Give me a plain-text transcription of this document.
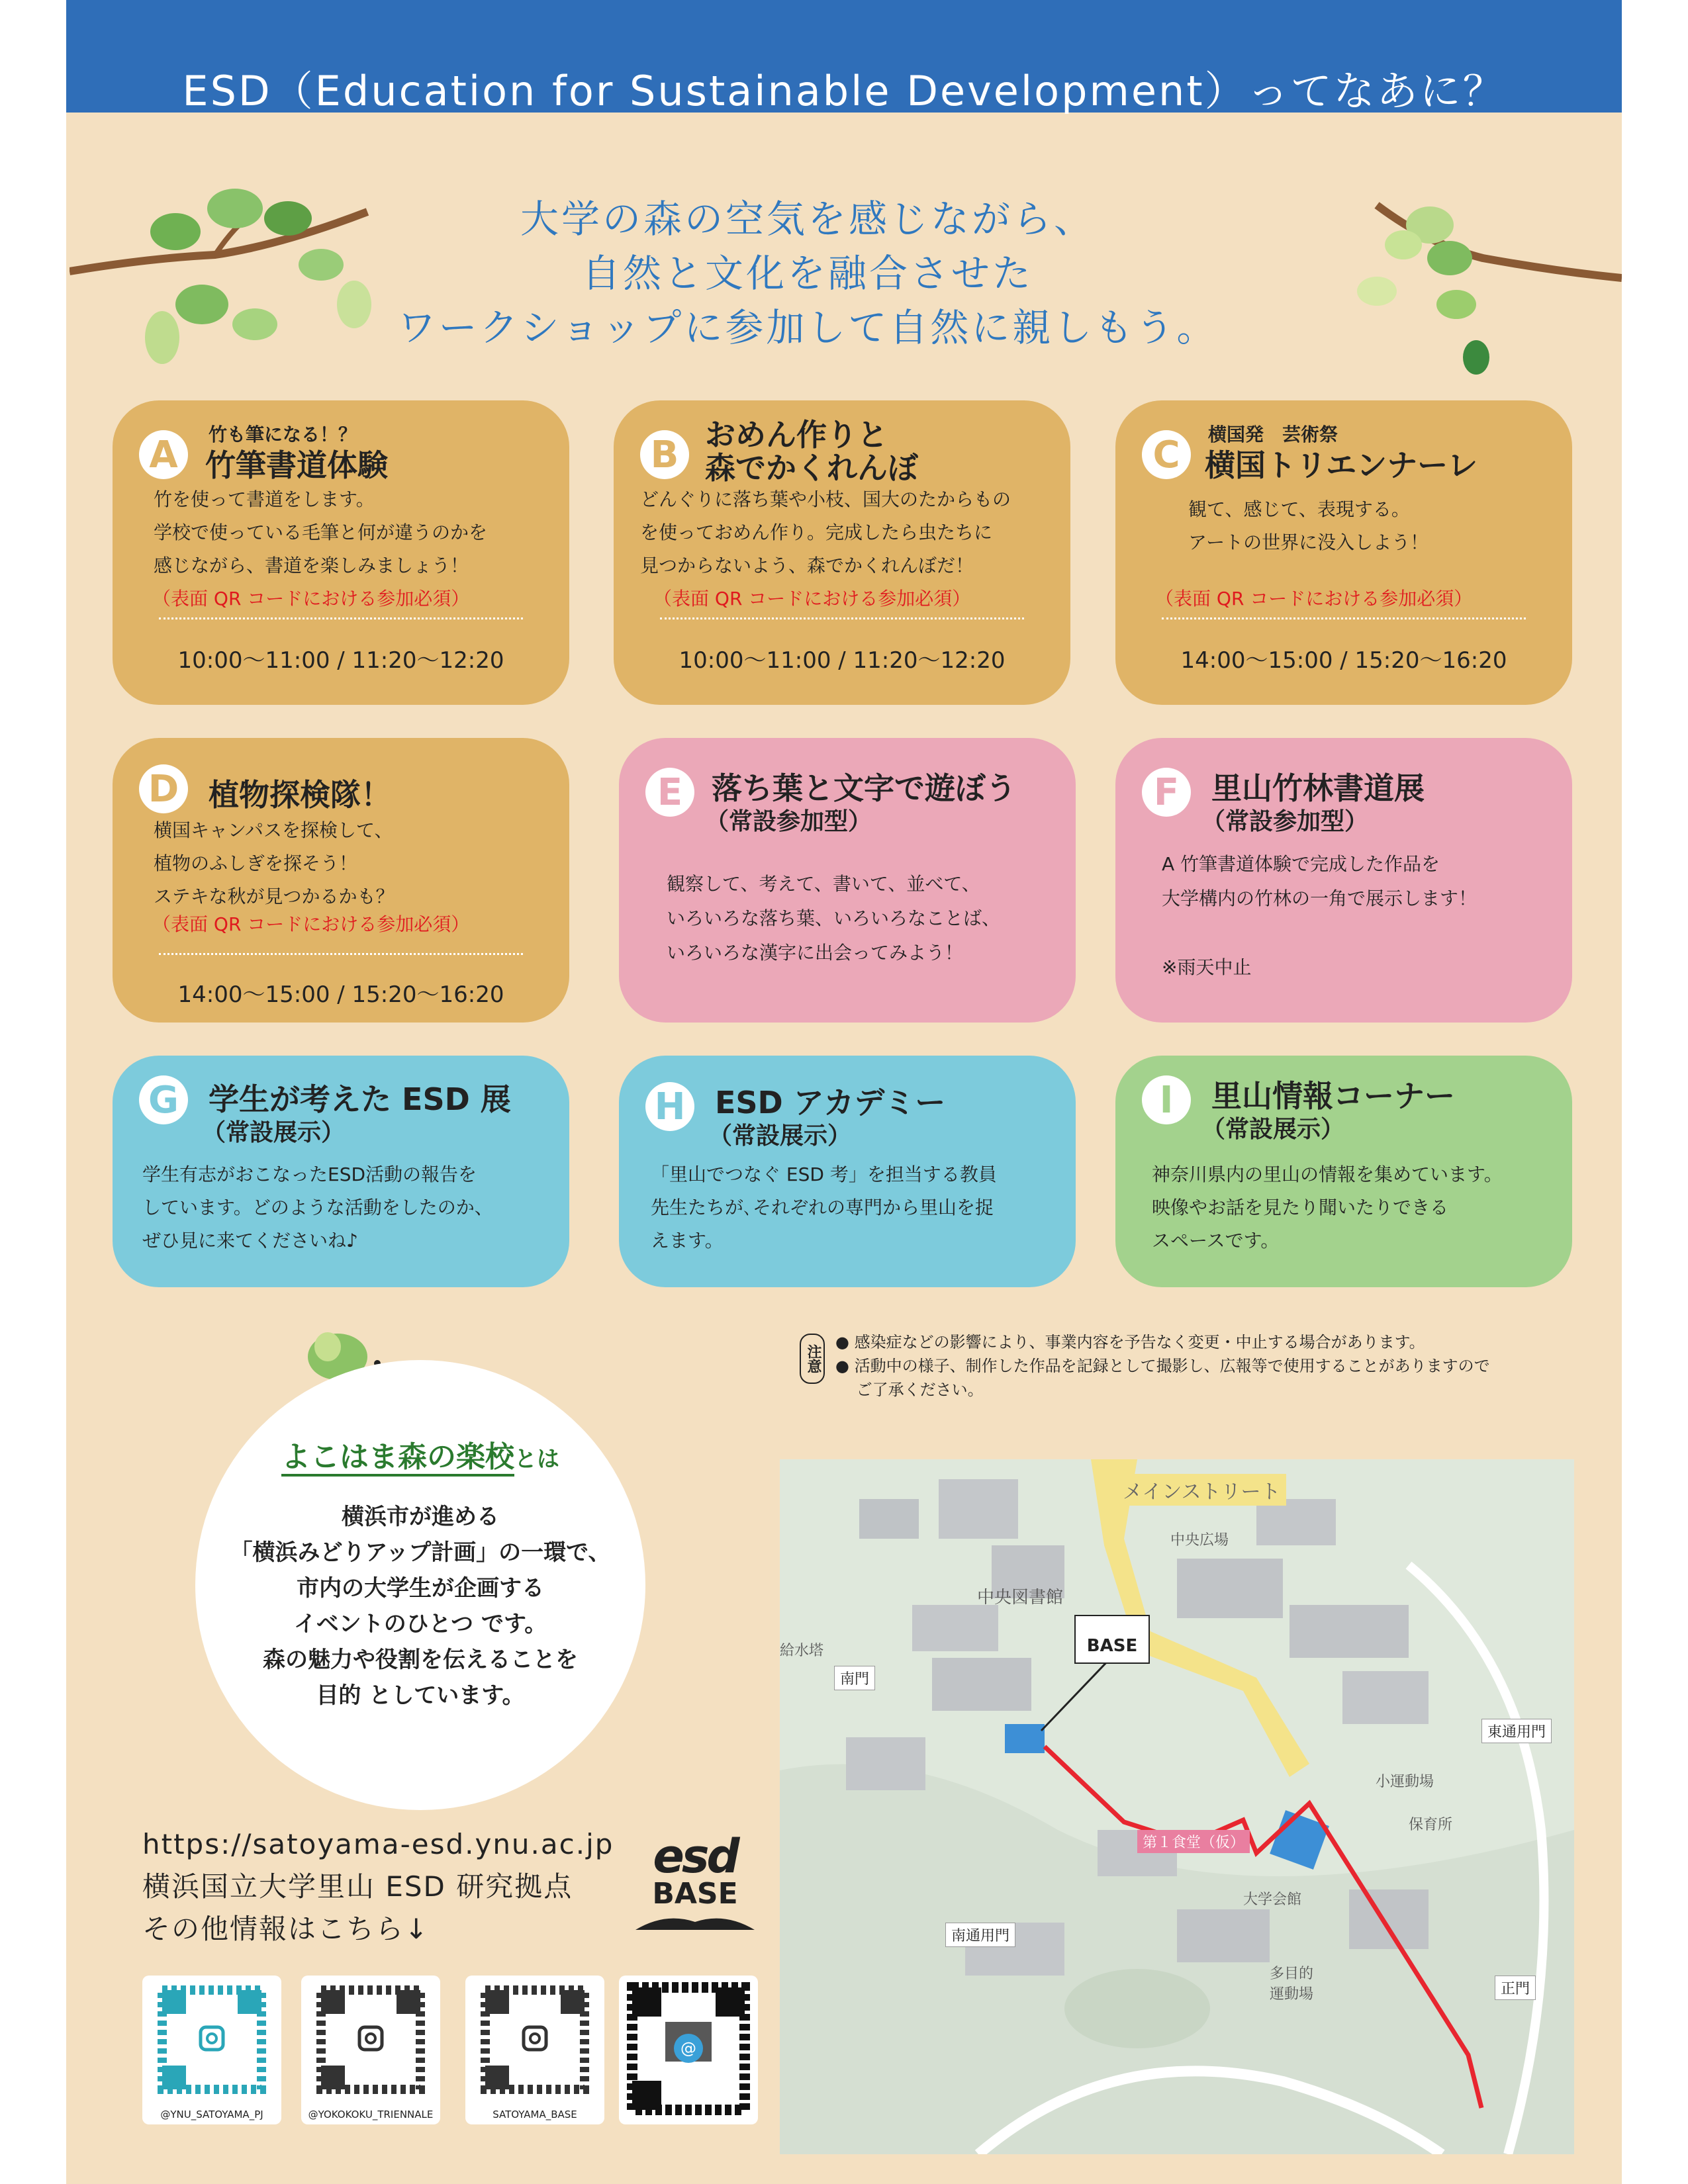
ESD（Education for Sustainable Development）ってなあに？
大学の森の空気を感じながら、
自然と文化を融合させた
ワークショップに参加して自然に親しもう。
A	竹も筆になる！？
竹筆書道体験
竹を使って書道をします。
学校で使っている毛筆と何が違うのかを
感じながら、書道を楽しみましょう！
（表面 QR コードにおける参加必須）
10:00〜11:00 / 11:20〜12:20
B おめん作りと
森でかくれんぼ
どんぐりに落ち葉や小枝、国大のたからもの
を使っておめん作り。完成したら虫たちに
見つからないよう、森でかくれんぼだ！
（表面 QR コードにおける参加必須）
10:00〜11:00 / 11:20〜12:20
C	横国発　芸術祭
横国トリエンナーレ
観て、感じて、表現する。
アートの世界に没入しよう！
（表面 QR コードにおける参加必須）
14:00〜15:00 / 15:20〜16:20
D 植物探検隊！
横国キャンパスを探検して、
植物のふしぎを探そう！
ステキな秋が見つかるかも？
（表面 QR コードにおける参加必須）
14:00〜15:00 / 15:20〜16:20
E 落ち葉と文字で遊ぼう
（常設参加型）
観察して、考えて、書いて、並べて、
いろいろな落ち葉、いろいろなことば、
いろいろな漢字に出会ってみよう！
F	里山竹林書道展
（常設参加型）
A 竹筆書道体験で完成した作品を
大学構内の竹林の一角で展示します！
※雨天中止
G 学生が考えた ESD 展
（常設展示）
学生有志がおこなったESD活動の報告を
しています。どのような活動をしたのか、
ぜひ見に来てくださいね♪
H ESD アカデミー
（常設展示）
「里山でつなぐ ESD 考」を担当する教員
先生たちが､それぞれの専門から里山を捉
えます。
I	里山情報コーナー
（常設展示）
神奈川県内の里山の情報を集めています。
映像やお話を見たり聞いたりできる
スペースです。
注意
● 感染症などの影響により、事業内容を予告なく変更・中止する場合があります。
● 活動中の様子、制作した作品を記録として撮影し、広報等で使用することがありますので
　 ご了承ください。
よこはま森の楽校とは
横浜市が進める
「横浜みどりアップ計画」の一環で、
市内の大学生が企画する
イベントのひとつ です。
森の魅力や役割を伝えることを
目的 としています。
https://satoyama-esd.ynu.ac.jp
横浜国立大学里山 ESD 研究拠点
その他情報はこちら↓
esd
BASE
@YNU_SATOYAMA_PJ	@YOKOKOKU_TRIENNALE	SATOYAMA_BASE
@
メインストリート
中央図書館
中央広場
給水塔
小運動場
保育所
大学会館
多目的運動場
南門
東通用門
南通用門
正門
第１食堂（仮）
BASE
